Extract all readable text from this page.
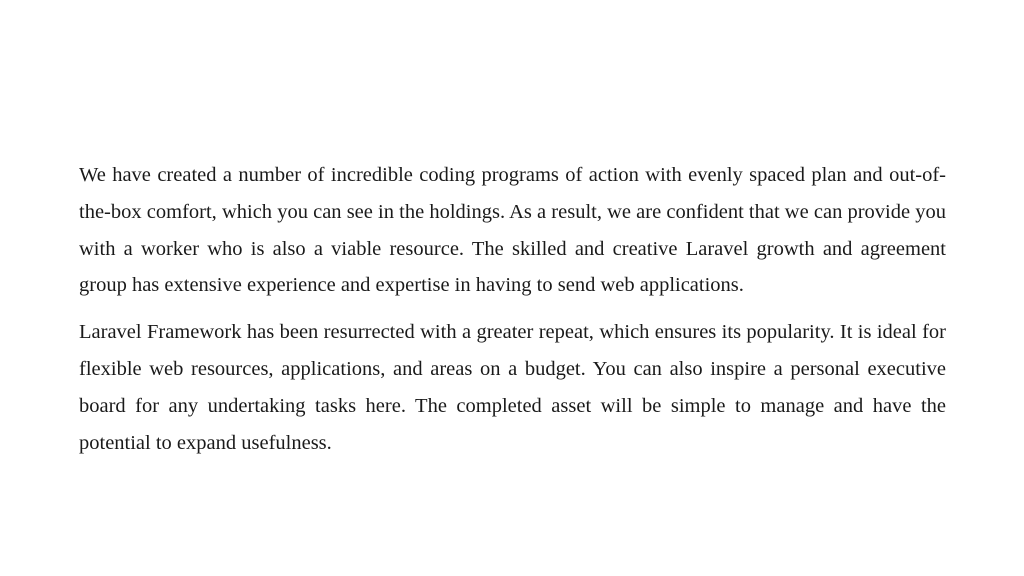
We have created a number of incredible coding programs of action with evenly spaced plan and out-of-the-box comfort, which you can see in the holdings. As a result, we are confident that we can provide you with a worker who is also a viable resource. The skilled and creative Laravel growth and agreement group has extensive experience and expertise in having to send web applications.

Laravel Framework has been resurrected with a greater repeat, which ensures its popularity. It is ideal for flexible web resources, applications, and areas on a budget. You can also inspire a personal executive board for any undertaking tasks here. The completed asset will be simple to manage and have the potential to expand usefulness.
